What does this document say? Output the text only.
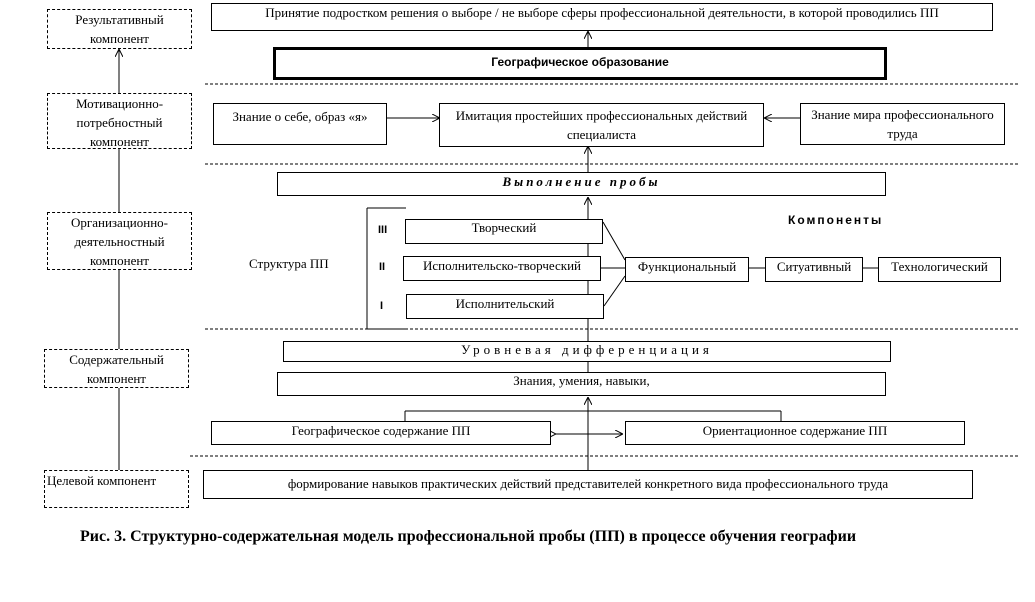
Результативный компонент
Мотивационно-потребностный компонент
Организационно-деятельностный компонент
Содержательный компонент
Целевой компонент
Принятие подростком решения о выборе / не выборе сферы профессиональной деятельности, в которой проводились ПП
Географическое образование
Знание о себе, образ «я»	Имитация простейших профессиональных действий специалиста
Знание мира профессионального труда
Выполнение пробы
Структура ПП
III
II
I
Творческий
Исполнительско-творческий
Исполнительский
Компоненты
Функциональный	Ситуативный	Технологический
Уровневая дифференциация
Знания, умения, навыки,
Географическое содержание ПП	Ориентационное содержание ПП
формирование навыков практических действий представителей конкретного вида профессионального труда
Рис. 3. Структурно-содержательная модель профессиональной пробы (ПП) в процессе обучения географии
